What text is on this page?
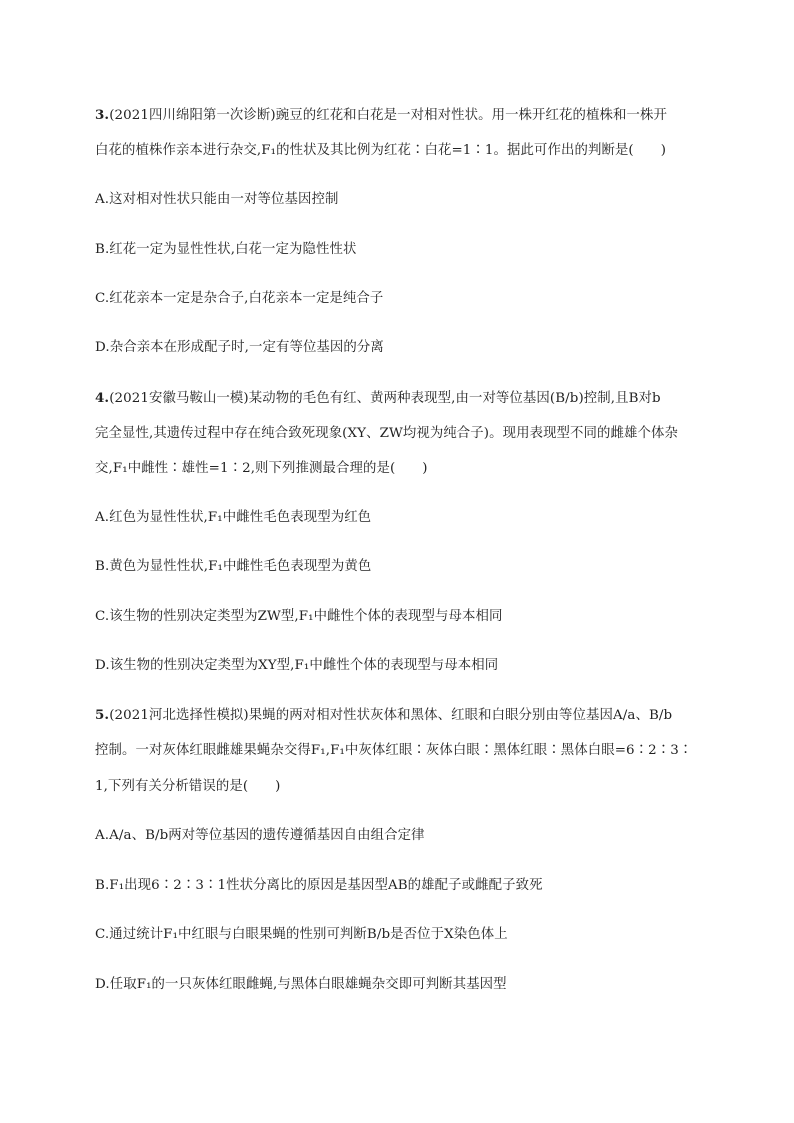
3.(2021四川绵阳第一次诊断)豌豆的红花和白花是一对相对性状。用一株开红花的植株和一株开
白花的植株作亲本进行杂交,F₁的性状及其比例为红花∶白花=1∶1。据此可作出的判断是(　　)
A.这对相对性状只能由一对等位基因控制
B.红花一定为显性性状,白花一定为隐性性状
C.红花亲本一定是杂合子,白花亲本一定是纯合子
D.杂合亲本在形成配子时,一定有等位基因的分离
4.(2021安徽马鞍山一模)某动物的毛色有红、黄两种表现型,由一对等位基因(B/b)控制,且B对b
完全显性,其遗传过程中存在纯合致死现象(XY、ZW均视为纯合子)。现用表现型不同的雌雄个体杂
交,F₁中雌性∶雄性=1∶2,则下列推测最合理的是(　　)
A.红色为显性性状,F₁中雌性毛色表现型为红色
B.黄色为显性性状,F₁中雌性毛色表现型为黄色
C.该生物的性别决定类型为ZW型,F₁中雌性个体的表现型与母本相同
D.该生物的性别决定类型为XY型,F₁中雌性个体的表现型与母本相同
5.(2021河北选择性模拟)果蝇的两对相对性状灰体和黑体、红眼和白眼分别由等位基因A/a、B/b
控制。一对灰体红眼雌雄果蝇杂交得F₁,F₁中灰体红眼∶灰体白眼∶黑体红眼∶黑体白眼=6∶2∶3∶
1,下列有关分析错误的是(　　)
A.A/a、B/b两对等位基因的遗传遵循基因自由组合定律
B.F₁出现6∶2∶3∶1性状分离比的原因是基因型AB的雄配子或雌配子致死
C.通过统计F₁中红眼与白眼果蝇的性别可判断B/b是否位于X染色体上
D.任取F₁的一只灰体红眼雌蝇,与黑体白眼雄蝇杂交即可判断其基因型
